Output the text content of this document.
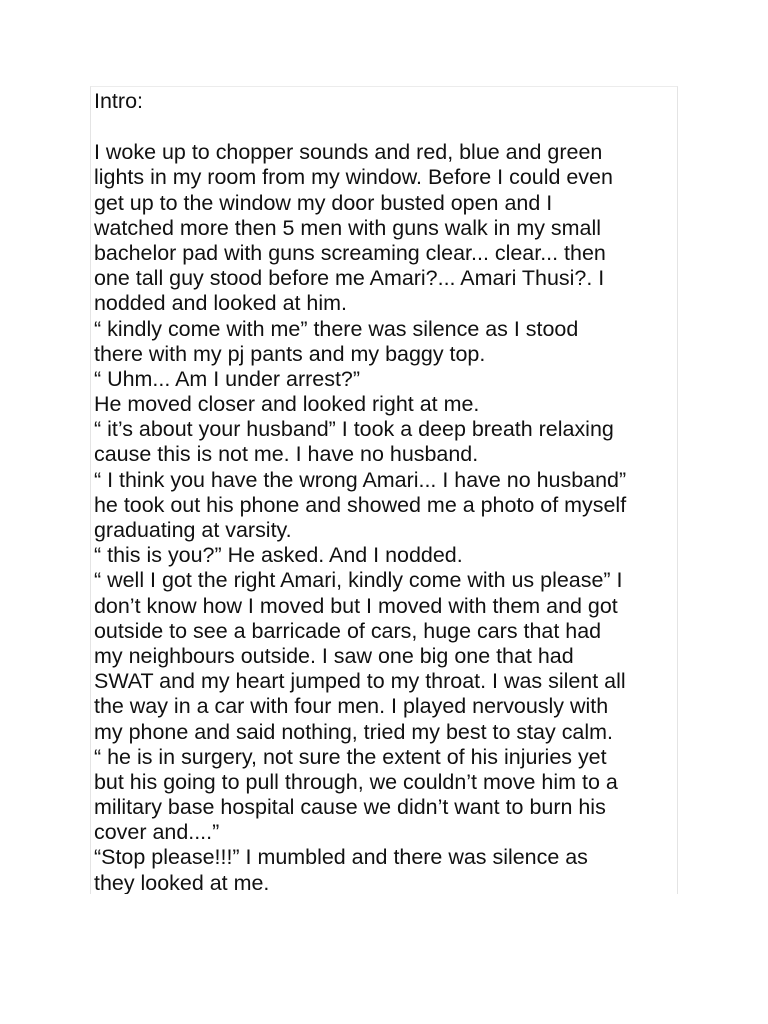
Intro:
I woke up to chopper sounds and red, blue and green
lights in my room from my window. Before I could even
get up to the window my door busted open and I
watched more then 5 men with guns walk in my small
bachelor pad with guns screaming clear... clear... then
one tall guy stood before me Amari?... Amari Thusi?. I
nodded and looked at him.
“ kindly come with me” there was silence as I stood
there with my pj pants and my baggy top.
“ Uhm... Am I under arrest?”
He moved closer and looked right at me.
“ it’s about your husband” I took a deep breath relaxing
cause this is not me. I have no husband.
“ I think you have the wrong Amari... I have no husband”
he took out his phone and showed me a photo of myself
graduating at varsity.
“ this is you?” He asked. And I nodded.
“ well I got the right Amari, kindly come with us please” I
don’t know how I moved but I moved with them and got
outside to see a barricade of cars, huge cars that had
my neighbours outside. I saw one big one that had
SWAT and my heart jumped to my throat. I was silent all
the way in a car with four men. I played nervously with
my phone and said nothing, tried my best to stay calm.
“ he is in surgery, not sure the extent of his injuries yet
but his going to pull through, we couldn’t move him to a
military base hospital cause we didn’t want to burn his
cover and....”
“Stop please!!!” I mumbled and there was silence as
they looked at me.
